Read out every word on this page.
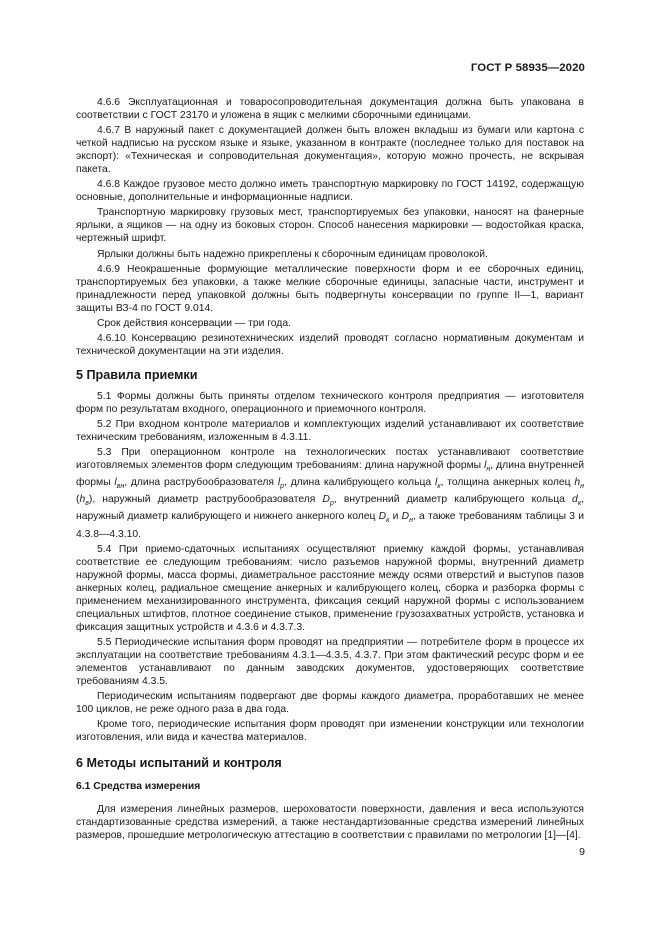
ГОСТ Р 58935—2020

4.6.6 Эксплуатационная и товаросопроводительная документация должна быть упакована в соответствии с ГОСТ 23170 и уложена в ящик с мелкими сборочными единицами.

4.6.7 В наружный пакет с документацией должен быть вложен вкладыш из бумаги или картона с четкой надписью на русском языке и языке, указанном в контракте (последнее только для поставок на экспорт): «Техническая и сопроводительная документация», которую можно прочесть, не вскрывая пакета.

4.6.8 Каждое грузовое место должно иметь транспортную маркировку по ГОСТ 14192, содержащую основные, дополнительные и информационные надписи.

Транспортную маркировку грузовых мест, транспортируемых без упаковки, наносят на фанерные ярлыки, а ящиков — на одну из боковых сторон. Способ нанесения маркировки — водостойкая краска, чертежный шрифт.

Ярлыки должны быть надежно прикреплены к сборочным единицам проволокой.

4.6.9 Неокрашенные формующие металлические поверхности форм и ее сборочных единиц, транспортируемых без упаковки, а также мелкие сборочные единицы, запасные части, инструмент и принадлежности перед упаковкой должны быть подвергнуты консервации по группе II—1, вариант защиты ВЗ-4 по ГОСТ 9.014.

Срок действия консервации — три года.

4.6.10 Консервацию резинотехнических изделий проводят согласно нормативным документам и технической документации на эти изделия.

5 Правила приемки

5.1 Формы должны быть приняты отделом технического контроля предприятия — изготовителя форм по результатам входного, операционного и приемочного контроля.

5.2 При входном контроле материалов и комплектующих изделий устанавливают их соответствие техническим требованиям, изложенным в 4.3.11.

5.3 При операционном контроле на технологических постах устанавливают соответствие изготовляемых элементов форм следующим требованиям: длина наружной формы $l_н$, длина внутренней формы $l_{вн}$, длина раструбообразователя $l_р$, длина калибрующего кольца $l_к$, толщина анкерных колец $h_н$ $(h_в)$, наружный диаметр раструбообразователя $D_р$, внутренний диаметр калибрующего кольца $d_к$, наружный диаметр калибрующего и нижнего анкерного колец $D_к$ и $D_н$, а также требованиям таблицы 3 и 4.3.8—4.3.10.

5.4 При приемо-сдаточных испытаниях осуществляют приемку каждой формы, устанавливая соответствие ее следующим требованиям: число разъемов наружной формы, внутренний диаметр наружной формы, масса формы, диаметральное расстояние между осями отверстий и выступов пазов анкерных колец, радиальное смещение анкерных и калибрующего колец, сборка и разборка формы с применением механизированного инструмента, фиксация секций наружной формы с использованием специальных штифтов, плотное соединение стыков, применение грузозахватных устройств, установка и фиксация защитных устройств и 4.3.6 и 4.3.7.3.

5.5 Периодические испытания форм проводят на предприятии — потребителе форм в процессе их эксплуатации на соответствие требованиям 4.3.1—4.3.5, 4.3.7. При этом фактический ресурс форм и ее элементов устанавливают по данным заводских документов, удостоверяющих соответствие требованиям 4.3.5.

Периодическим испытаниям подвергают две формы каждого диаметра, проработавших не менее 100 циклов, не реже одного раза в два года.

Кроме того, периодические испытания форм проводят при изменении конструкции или технологии изготовления, или вида и качества материалов.

6 Методы испытаний и контроля
6.1 Средства измерения

Для измерения линейных размеров, шероховатости поверхности, давления и веса используются стандартизованные средства измерений, а также нестандартизованные средства измерений линейных размеров, прошедшие метрологическую аттестацию в соответствии с правилами по метрологии [1]—[4].

9
